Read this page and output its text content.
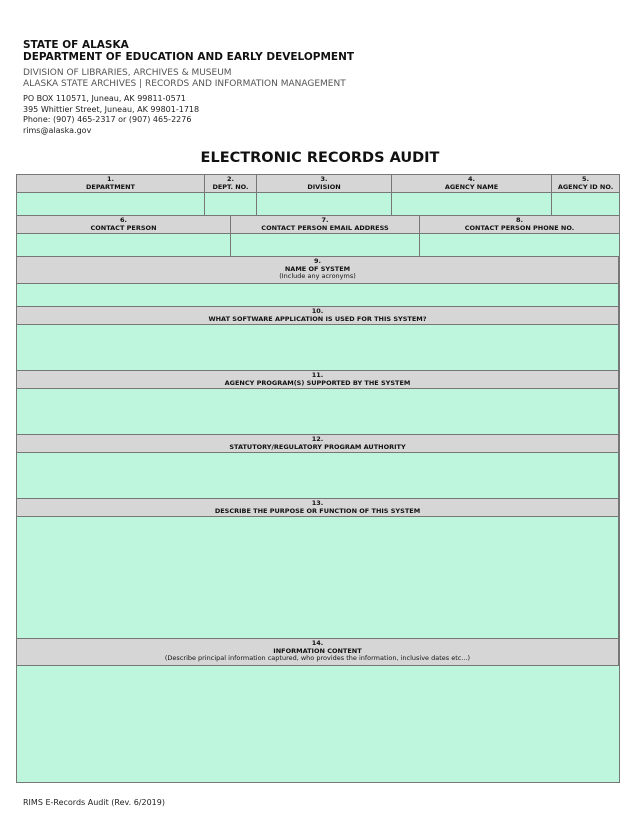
STATE OF ALASKA
DEPARTMENT OF EDUCATION AND EARLY DEVELOPMENT
DIVISION OF LIBRARIES, ARCHIVES & MUSEUM
ALASKA STATE ARCHIVES | RECORDS AND INFORMATION MANAGEMENT
PO BOX 110571, Juneau, AK 99811-0571
395 Whittier Street, Juneau, AK 99801-1718
Phone: (907) 465-2317 or (907) 465-2276
rims@alaska.gov
ELECTRONIC RECORDS AUDIT
1.
DEPARTMENT
2.
DEPT. NO.
3.
DIVISION
4.
AGENCY NAME
5.
AGENCY ID NO.
6.
CONTACT PERSON
7.
CONTACT PERSON EMAIL ADDRESS
8.
CONTACT PERSON PHONE NO.
9.
NAME OF SYSTEM
(Include any acronyms)
10.
WHAT SOFTWARE APPLICATION IS USED FOR THIS SYSTEM?
11.
AGENCY PROGRAM(S) SUPPORTED BY THE SYSTEM
12.
STATUTORY/REGULATORY PROGRAM AUTHORITY
13.
DESCRIBE THE PURPOSE OR FUNCTION OF THIS SYSTEM
14.
INFORMATION CONTENT
(Describe principal information captured, who provides the information, inclusive dates etc...)
RIMS E-Records Audit (Rev. 6/2019)
